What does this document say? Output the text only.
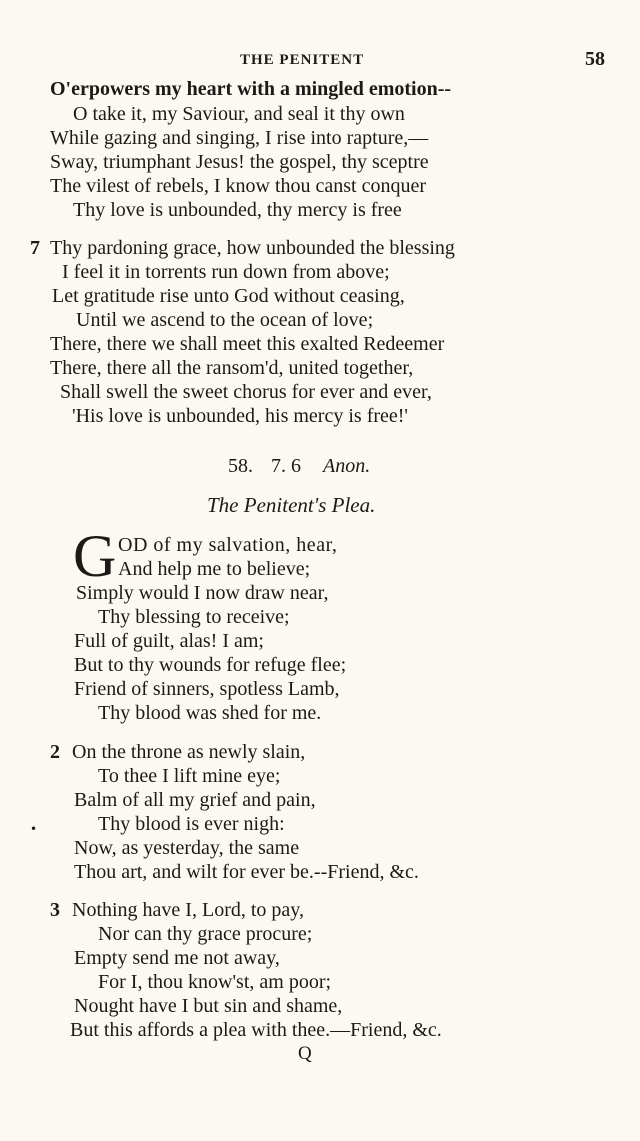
THE PENITENT	58
O'erpowers my heart with a mingled emotion--
O take it, my Saviour, and seal it thy own
While gazing and singing, I rise into rapture,—
Sway, triumphant Jesus! the gospel, thy sceptre
The vilest of rebels, I know thou canst conquer
Thy love is unbounded, thy mercy is free
7 Thy pardoning grace, how unbounded the blessing
I feel it in torrents run down from above;
Let gratitude rise unto God without ceasing,
Until we ascend to the ocean of love;
There, there we shall meet this exalted Redeemer
There, there all the ransom'd, united together,
Shall swell the sweet chorus for ever and ever,
'His love is unbounded, his mercy is free!'
58. 7. 6 Anon.
The Penitent's Plea.
G OD of my salvation, hear,
And help me to believe;
Simply would I now draw near,
Thy blessing to receive;
Full of guilt, alas! I am;
But to thy wounds for refuge flee;
Friend of sinners, spotless Lamb,
Thy blood was shed for me.
2 On the throne as newly slain,
To thee I lift mine eye;
Balm of all my grief and pain,
•	Thy blood is ever nigh:
Now, as yesterday, the same
Thou art, and wilt for ever be.--Friend, &c.
3 Nothing have I, Lord, to pay,
Nor can thy grace procure;
Empty send me not away,
For I, thou know'st, am poor;
Nought have I but sin and shame,
But this affords a plea with thee.—Friend, &c.
Q
